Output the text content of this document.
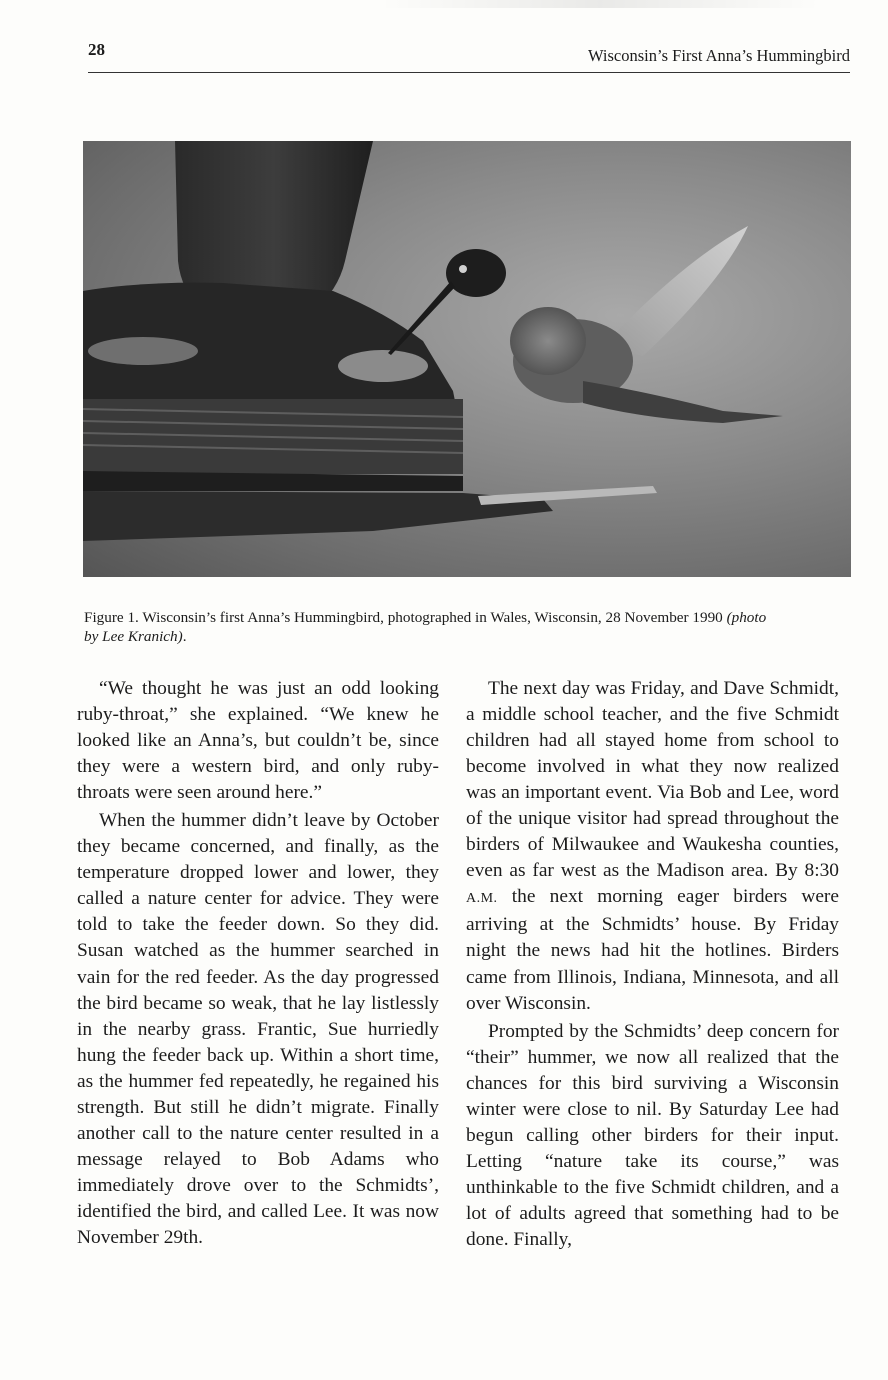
28	Wisconsin’s First Anna’s Hummingbird
Figure 1. Wisconsin’s first Anna’s Hummingbird, photographed in Wales, Wisconsin, 28 November 1990 (photo by Lee Kranich).

“We thought he was just an odd looking ruby-throat,” she explained. “We knew he looked like an Anna’s, but couldn’t be, since they were a western bird, and only ruby-throats were seen around here.”

When the hummer didn’t leave by October they became concerned, and finally, as the temperature dropped lower and lower, they called a nature center for advice. They were told to take the feeder down. So they did. Susan watched as the hummer searched in vain for the red feeder. As the day progressed the bird became so weak, that he lay listlessly in the nearby grass. Frantic, Sue hurriedly hung the feeder back up. Within a short time, as the hummer fed repeatedly, he regained his strength. But still he didn’t migrate. Finally another call to the nature center resulted in a message relayed to Bob Adams who immediately drove over to the Schmidts’, identified the bird, and called Lee. It was now November 29th.

The next day was Friday, and Dave Schmidt, a middle school teacher, and the five Schmidt children had all stayed home from school to become involved in what they now realized was an important event. Via Bob and Lee, word of the unique visitor had spread throughout the birders of Milwaukee and Waukesha counties, even as far west as the Madison area. By 8:30 A.M. the next morning eager birders were arriving at the Schmidts’ house. By Friday night the news had hit the hotlines. Birders came from Illinois, Indiana, Minnesota, and all over Wisconsin.

Prompted by the Schmidts’ deep concern for “their” hummer, we now all realized that the chances for this bird surviving a Wisconsin winter were close to nil. By Saturday Lee had begun calling other birders for their input. Letting “nature take its course,” was unthinkable to the five Schmidt children, and a lot of adults agreed that something had to be done. Finally,
